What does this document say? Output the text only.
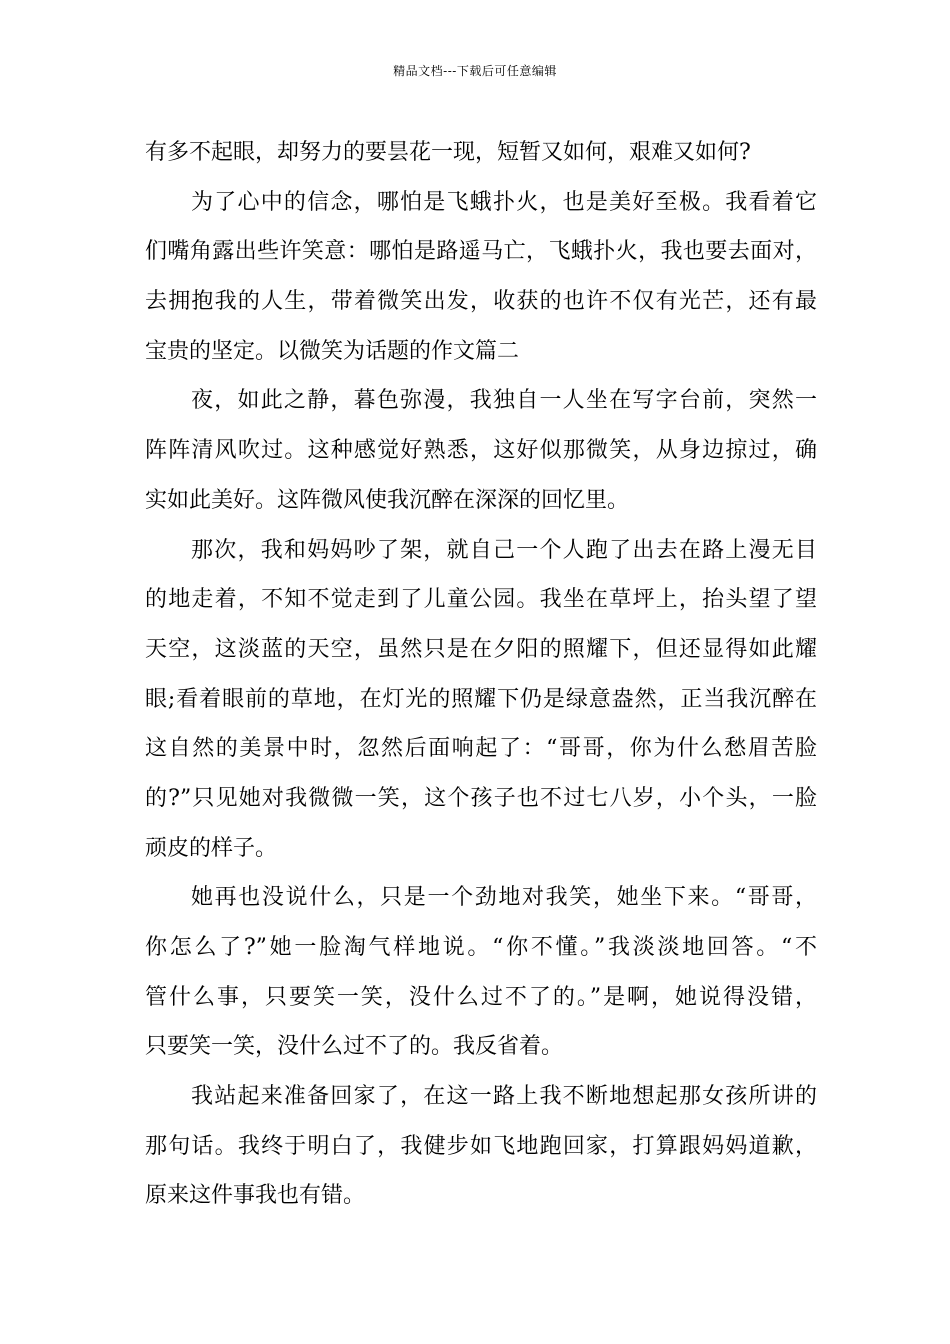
精品文档---下载后可任意编辑
有多不起眼，却努力的要昙花一现，短暂又如何，艰难又如何?
为了心中的信念，哪怕是飞蛾扑火，也是美好至极。我看着它
们嘴角露出些许笑意：哪怕是路遥马亡，飞蛾扑火，我也要去面对，
去拥抱我的人生，带着微笑出发，收获的也许不仅有光芒，还有最
宝贵的坚定。以微笑为话题的作文篇二
夜，如此之静，暮色弥漫，我独自一人坐在写字台前，突然一
阵阵清风吹过。这种感觉好熟悉，这好似那微笑，从身边掠过，确
实如此美好。这阵微风使我沉醉在深深的回忆里。
那次，我和妈妈吵了架，就自己一个人跑了出去在路上漫无目
的地走着，不知不觉走到了儿童公园。我坐在草坪上，抬头望了望
天空，这淡蓝的天空，虽然只是在夕阳的照耀下，但还显得如此耀
眼;看着眼前的草地，在灯光的照耀下仍是绿意盎然，正当我沉醉在
这自然的美景中时，忽然后面响起了：“哥哥，你为什么愁眉苦脸
的?”只见她对我微微一笑，这个孩子也不过七八岁，小个头，一脸
顽皮的样子。
她再也没说什么，只是一个劲地对我笑，她坐下来。“哥哥，
你怎么了?”她一脸淘气样地说。“你不懂。”我淡淡地回答。“不
管什么事，只要笑一笑，没什么过不了的。”是啊，她说得没错，
只要笑一笑，没什么过不了的。我反省着。
我站起来准备回家了，在这一路上我不断地想起那女孩所讲的
那句话。我终于明白了，我健步如飞地跑回家，打算跟妈妈道歉，
原来这件事我也有错。
